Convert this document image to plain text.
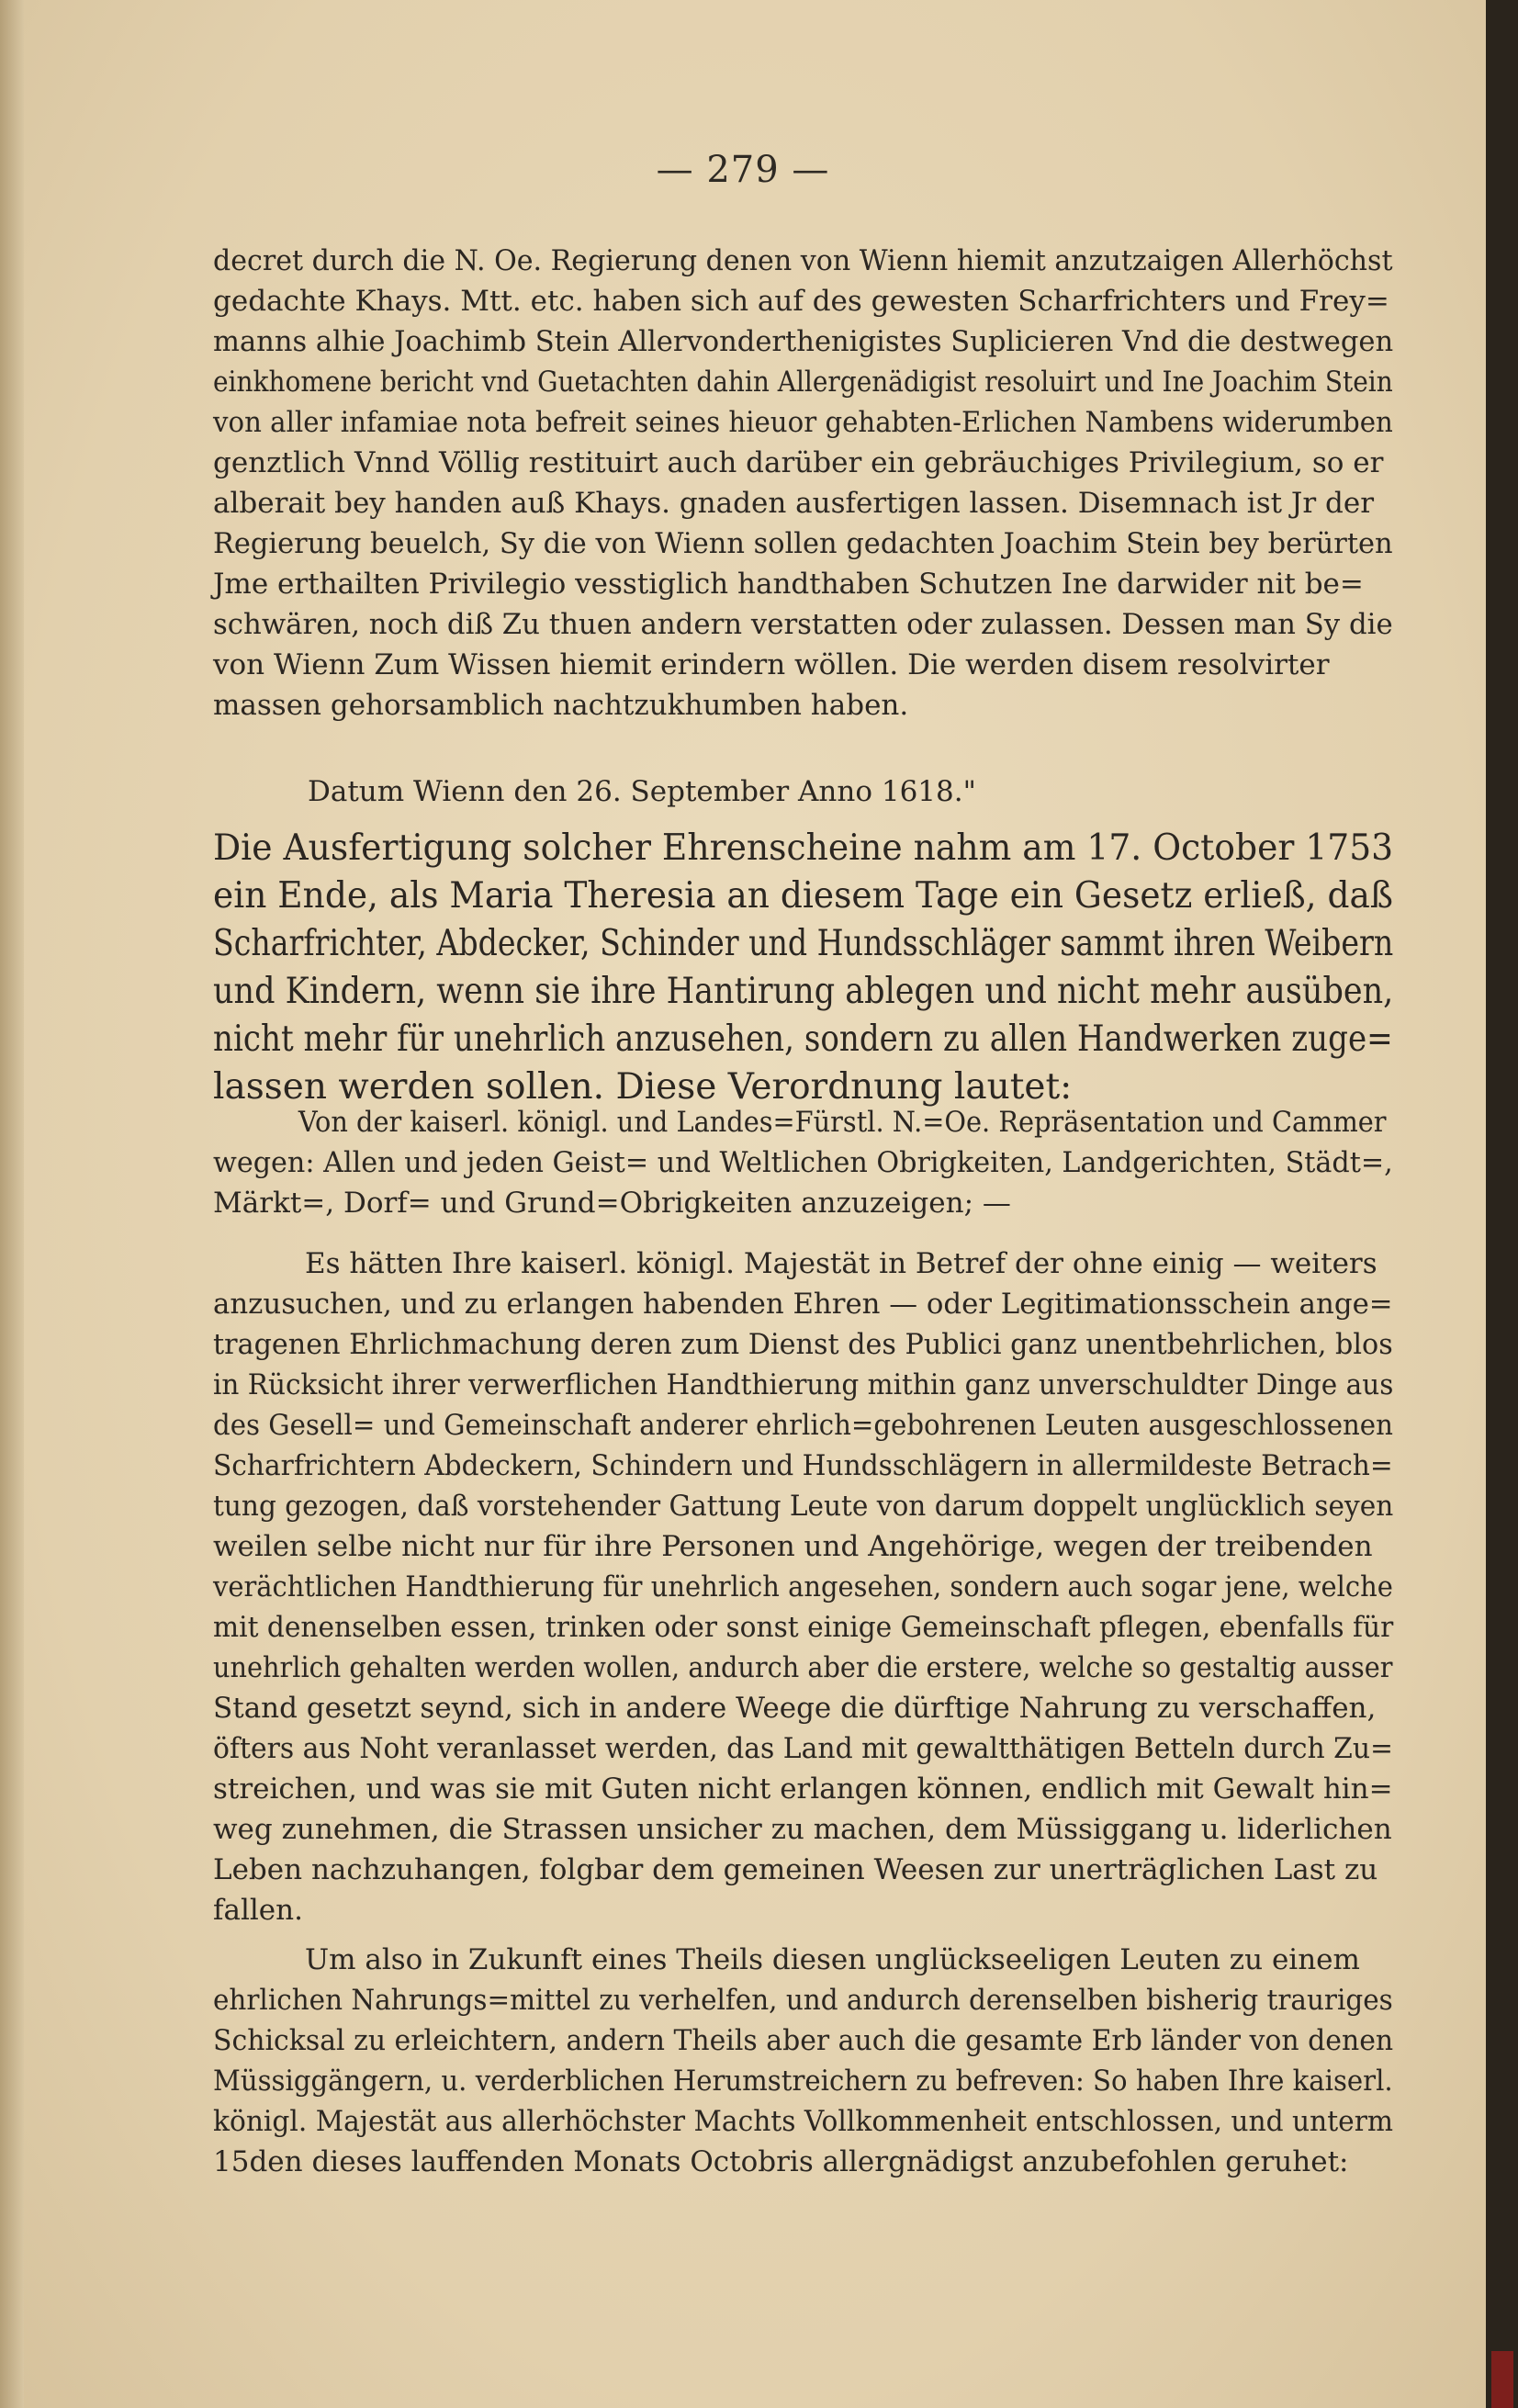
— 279 —
decret durch die N. Oe. Regierung denen von Wienn hiemit anzutzaigen Allerhöchst
gedachte Khays. Mtt. etc. haben sich auf des gewesten Scharfrichters und Frey=
manns alhie Joachimb Stein Allervonderthenigistes Suplicieren Vnd die destwegen
einkhomene bericht vnd Guetachten dahin Allergenädigist resoluirt und Ine Joachim Stein
von aller infamiae nota befreit seines hieuor gehabten-Erlichen Nambens widerumben
genztlich Vnnd Völlig restituirt auch darüber ein gebräuchiges Privilegium, so er
alberait bey handen auß Khays. gnaden ausfertigen lassen. Disemnach ist Jr der
Regierung beuelch, Sy die von Wienn sollen gedachten Joachim Stein bey berürten
Jme erthailten Privilegio vesstiglich handthaben Schutzen Ine darwider nit be=
schwären, noch diß Zu thuen andern verstatten oder zulassen. Dessen man Sy die
von Wienn Zum Wissen hiemit erindern wöllen. Die werden disem resolvirter
massen gehorsamblich nachtzukhumben haben.
Datum Wienn den 26. September Anno 1618."
Die Ausfertigung solcher Ehrenscheine nahm am 17. October 1753
ein Ende, als Maria Theresia an diesem Tage ein Gesetz erließ, daß
Scharfrichter, Abdecker, Schinder und Hundsschläger sammt ihren Weibern
und Kindern, wenn sie ihre Hantirung ablegen und nicht mehr ausüben,
nicht mehr für unehrlich anzusehen, sondern zu allen Handwerken zuge=
lassen werden sollen. Diese Verordnung lautet:
Von der kaiserl. königl. und Landes=Fürstl. N.=Oe. Repräsentation und Cammer
wegen: Allen und jeden Geist= und Weltlichen Obrigkeiten, Landgerichten, Städt=,
Märkt=, Dorf= und Grund=Obrigkeiten anzuzeigen; —
Es hätten Ihre kaiserl. königl. Majestät in Betref der ohne einig — weiters
anzusuchen, und zu erlangen habenden Ehren — oder Legitimationsschein ange=
tragenen Ehrlichmachung deren zum Dienst des Publici ganz unentbehrlichen, blos
in Rücksicht ihrer verwerflichen Handthierung mithin ganz unverschuldter Dinge aus
des Gesell= und Gemeinschaft anderer ehrlich=gebohrenen Leuten ausgeschlossenen
Scharfrichtern Abdeckern, Schindern und Hundsschlägern in allermildeste Betrach=
tung gezogen, daß vorstehender Gattung Leute von darum doppelt unglücklich seyen
weilen selbe nicht nur für ihre Personen und Angehörige, wegen der treibenden
verächtlichen Handthierung für unehrlich angesehen, sondern auch sogar jene, welche
mit denenselben essen, trinken oder sonst einige Gemeinschaft pflegen, ebenfalls für
unehrlich gehalten werden wollen, andurch aber die erstere, welche so gestaltig ausser
Stand gesetzt seynd, sich in andere Weege die dürftige Nahrung zu verschaffen,
öfters aus Noht veranlasset werden, das Land mit gewaltthätigen Betteln durch Zu=
streichen, und was sie mit Guten nicht erlangen können, endlich mit Gewalt hin=
weg zunehmen, die Strassen unsicher zu machen, dem Müssiggang u. liderlichen
Leben nachzuhangen, folgbar dem gemeinen Weesen zur unerträglichen Last zu
fallen.
Um also in Zukunft eines Theils diesen unglückseeligen Leuten zu einem
ehrlichen Nahrungs=mittel zu verhelfen, und andurch derenselben bisherig trauriges
Schicksal zu erleichtern, andern Theils aber auch die gesamte Erb länder von denen
Müssiggängern, u. verderblichen Herumstreichern zu befreven: So haben Ihre kaiserl.
königl. Majestät aus allerhöchster Machts Vollkommenheit entschlossen, und unterm
15den dieses lauffenden Monats Octobris allergnädigst anzubefohlen geruhet:
